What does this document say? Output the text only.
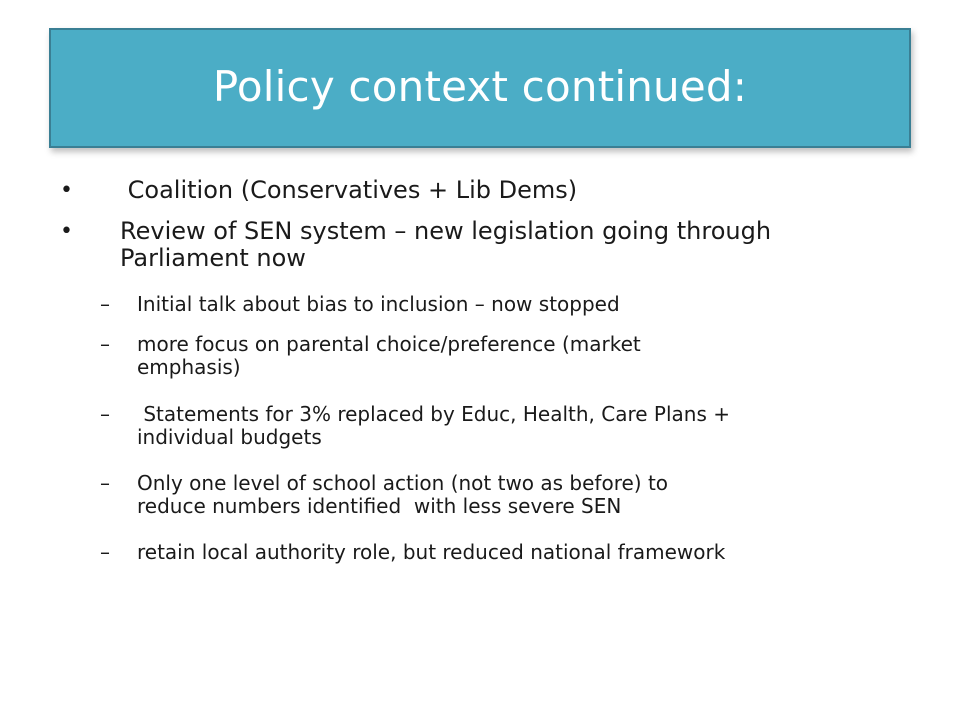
Policy context continued:
• Coalition (Conservatives + Lib Dems)
• Review of SEN system – new legislation going through
Parliament now
– Initial talk about bias to inclusion – now stopped
– more focus on parental choice/preference (market
emphasis)
– Statements for 3% replaced by Educ, Health, Care Plans +
individual budgets
– Only one level of school action (not two as before) to
reduce numbers identified  with less severe SEN
– retain local authority role, but reduced national framework
